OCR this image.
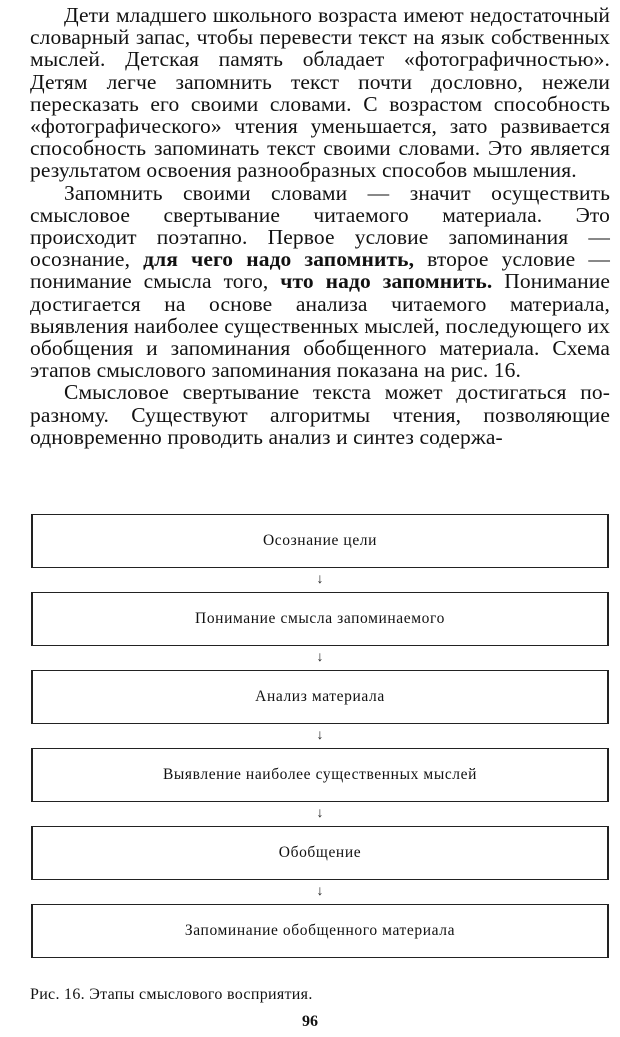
Дети младшего школьного возраста имеют недостаточный словарный запас, чтобы перевести текст на язык собственных мыслей. Детская память обладает «фотографичностью». Детям легче запомнить текст почти дословно, нежели пересказать его своими словами. С возрастом способность «фотографического» чтения уменьшается, зато развивается способность запоминать текст своими словами. Это является результатом освоения разнообразных способов мышления.

Запомнить своими словами — значит осуществить смысловое свертывание читаемого материала. Это происходит поэтапно. Первое условие запоминания — осознание, для чего надо запомнить, второе условие — понимание смысла того, что надо запомнить. Понимание достигается на основе анализа читаемого материала, выявления наиболее существенных мыслей, последующего их обобщения и запоминания обобщенного материала. Схема этапов смыслового запоминания показана на рис. 16.

Смысловое свертывание текста может достигаться по-разному. Существуют алгоритмы чтения, позволяющие одновременно проводить анализ и синтез содержа-

Осознание цели
↓
Понимание смысла запоминаемого
↓
Анализ материала
↓
Выявление наиболее существенных мыслей
↓
Обобщение
↓
Запоминание обобщенного материала
Рис. 16. Этапы смыслового восприятия.
96
